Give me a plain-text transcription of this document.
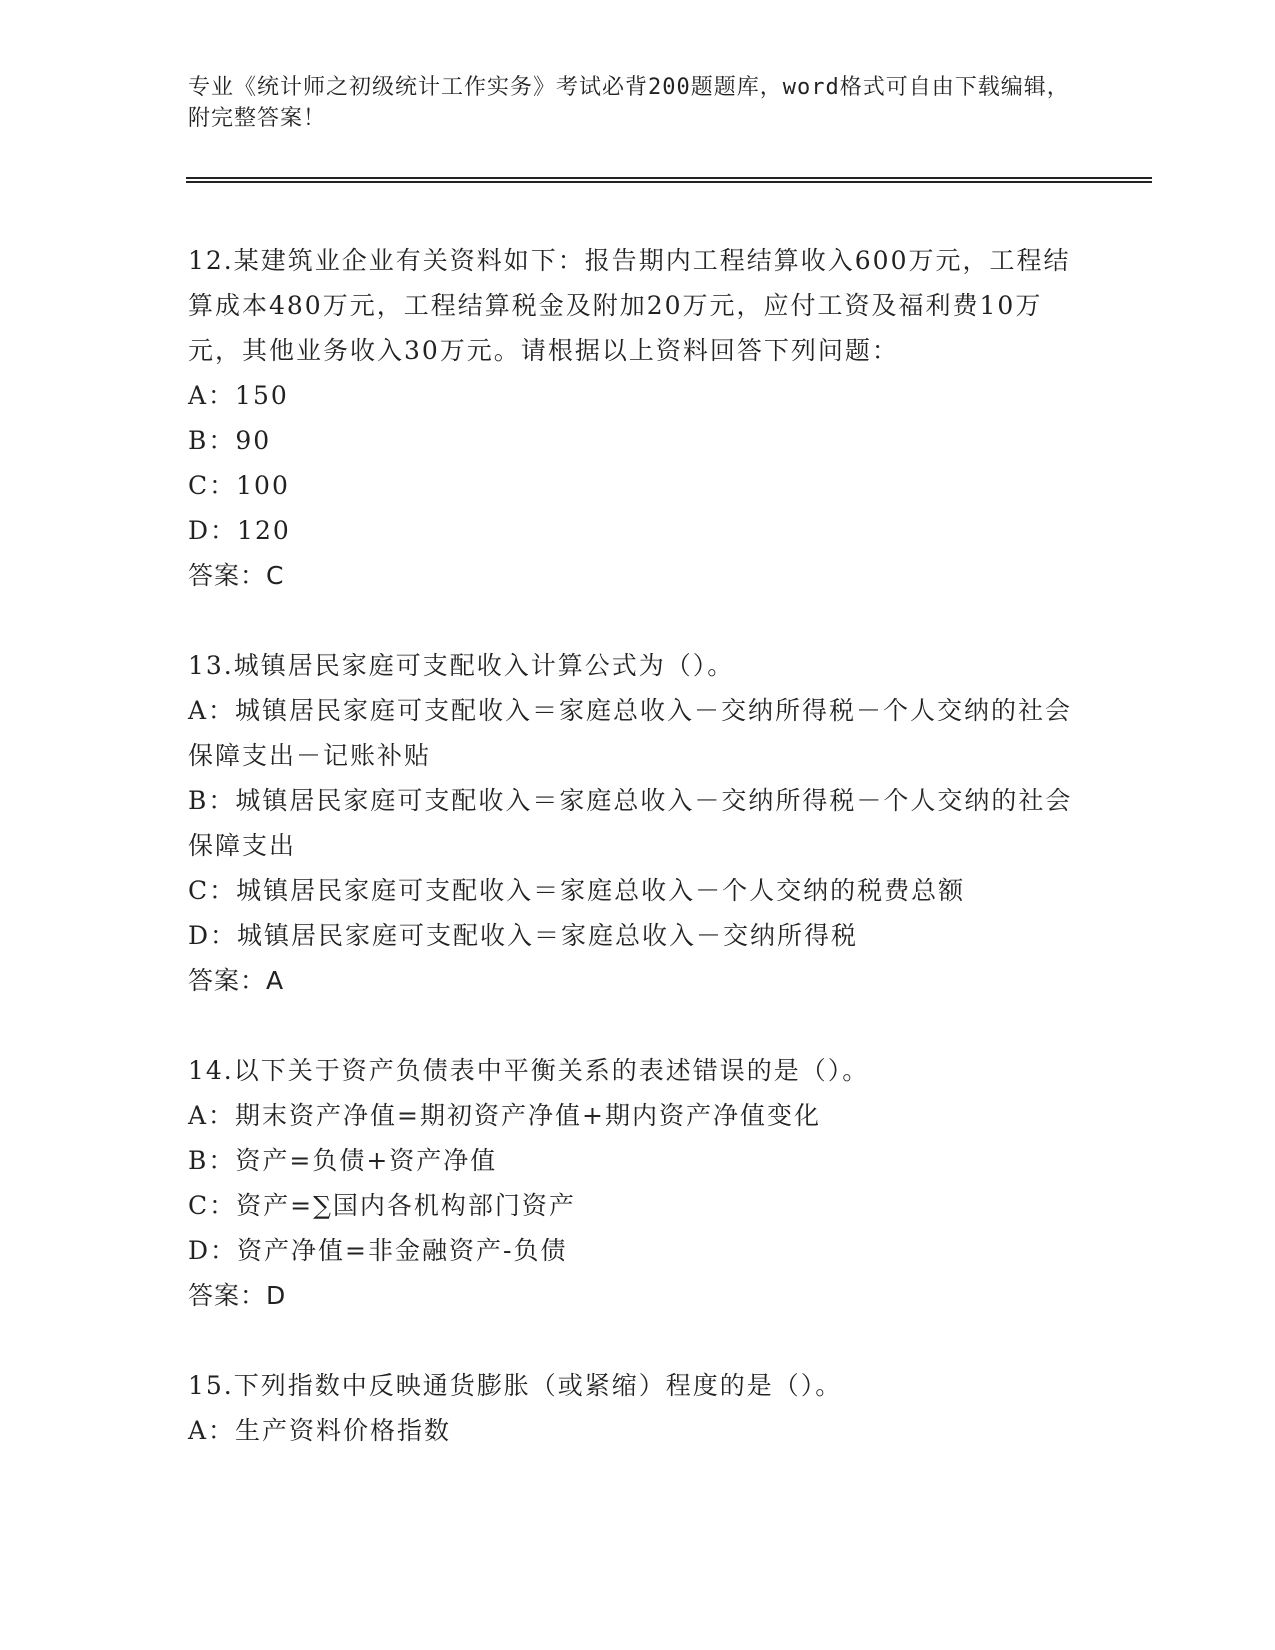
专业《统计师之初级统计工作实务》考试必背200题题库，word格式可自由下载编辑，附完整答案！

12.某建筑业企业有关资料如下：报告期内工程结算收入600万元，工程结算成本480万元，工程结算税金及附加20万元，应付工资及福利费10万元，其他业务收入30万元。请根据以上资料回答下列问题：

A：150

B：90

C：100

D：120

答案：C

13.城镇居民家庭可支配收入计算公式为（）。

A：城镇居民家庭可支配收入＝家庭总收入－交纳所得税－个人交纳的社会保障支出－记账补贴

B：城镇居民家庭可支配收入＝家庭总收入－交纳所得税－个人交纳的社会保障支出

C：城镇居民家庭可支配收入＝家庭总收入－个人交纳的税费总额

D：城镇居民家庭可支配收入＝家庭总收入－交纳所得税

答案：A

14.以下关于资产负债表中平衡关系的表述错误的是（）。

A：期末资产净值=期初资产净值+期内资产净值变化

B：资产=负债+资产净值

C：资产=∑国内各机构部门资产

D：资产净值=非金融资产-负债

答案：D

15.下列指数中反映通货膨胀（或紧缩）程度的是（）。

A：生产资料价格指数
